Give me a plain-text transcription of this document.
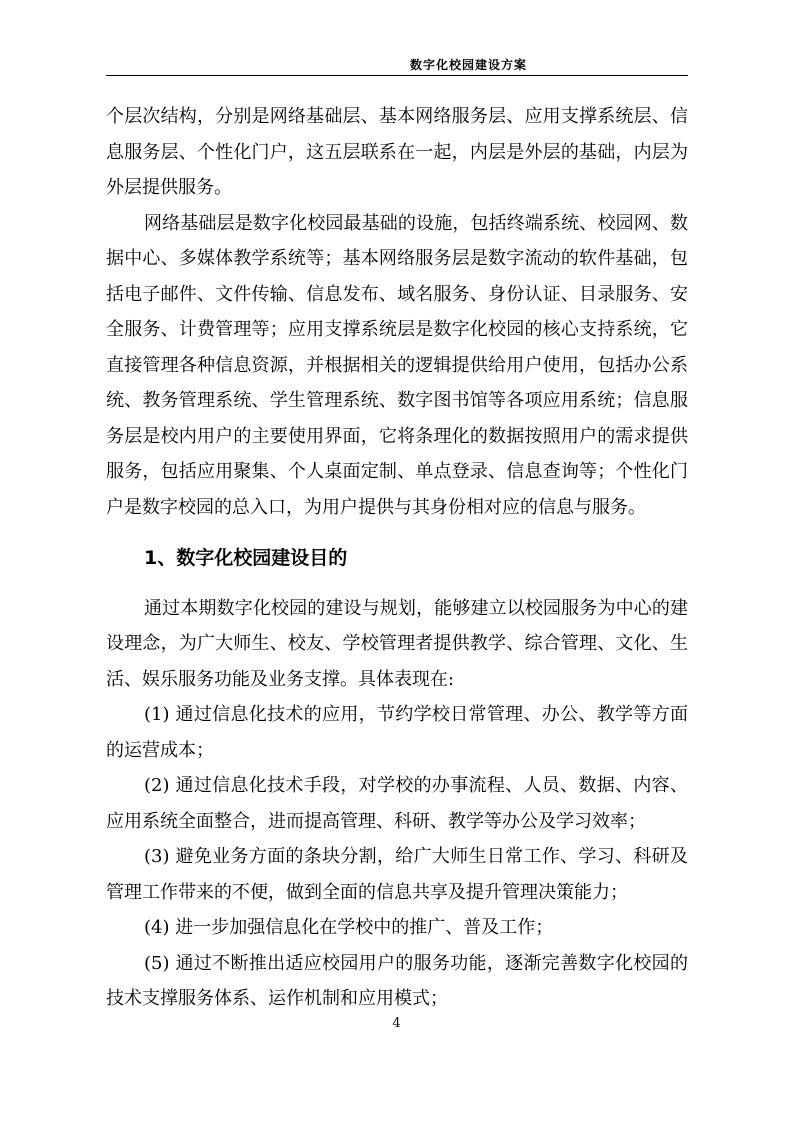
数字化校园建设方案

个层次结构，分别是网络基础层、基本网络服务层、应用支撑系统层、信息服务层、个性化门户，这五层联系在一起，内层是外层的基础，内层为外层提供服务。

网络基础层是数字化校园最基础的设施，包括终端系统、校园网、数据中心、多媒体教学系统等；基本网络服务层是数字流动的软件基础，包括电子邮件、文件传输、信息发布、域名服务、身份认证、目录服务、安全服务、计费管理等；应用支撑系统层是数字化校园的核心支持系统，它直接管理各种信息资源，并根据相关的逻辑提供给用户使用，包括办公系统、教务管理系统、学生管理系统、数字图书馆等各项应用系统；信息服务层是校内用户的主要使用界面，它将条理化的数据按照用户的需求提供服务，包括应用聚集、个人桌面定制、单点登录、信息查询等；个性化门户是数字校园的总入口，为用户提供与其身份相对应的信息与服务。

1、数字化校园建设目的

通过本期数字化校园的建设与规划，能够建立以校园服务为中心的建设理念，为广大师生、校友、学校管理者提供教学、综合管理、文化、生活、娱乐服务功能及业务支撑。具体表现在:

(1) 通过信息化技术的应用，节约学校日常管理、办公、教学等方面的运营成本；

(2) 通过信息化技术手段，对学校的办事流程、人员、数据、内容、应用系统全面整合，进而提高管理、科研、教学等办公及学习效率；

(3) 避免业务方面的条块分割，给广大师生日常工作、学习、科研及管理工作带来的不便，做到全面的信息共享及提升管理决策能力；

(4) 进一步加强信息化在学校中的推广、普及工作；

(5) 通过不断推出适应校园用户的服务功能，逐渐完善数字化校园的技术支撑服务体系、运作机制和应用模式；

4
